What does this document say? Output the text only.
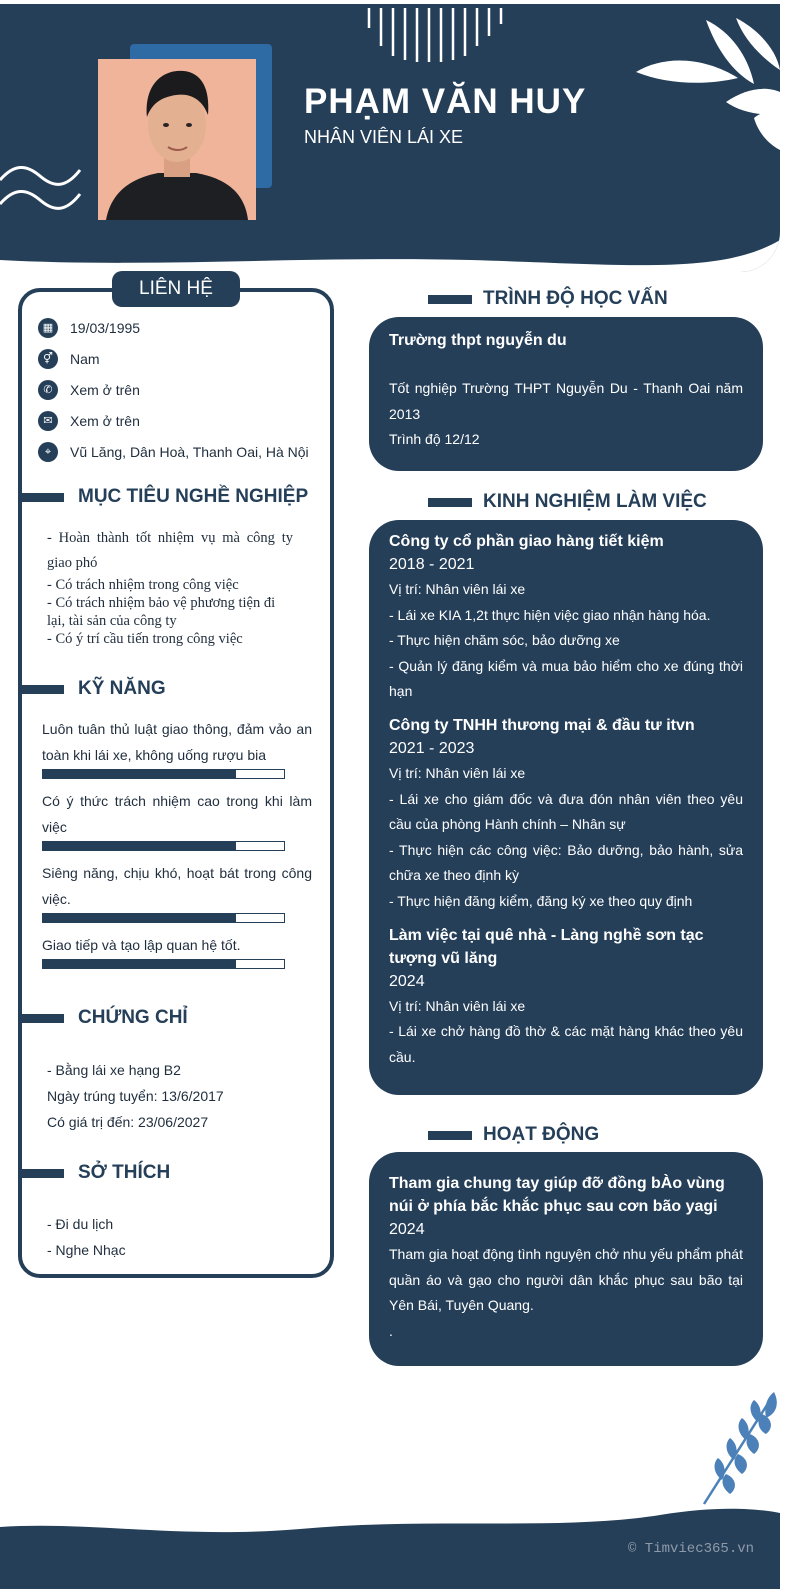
PHẠM VĂN HUY
NHÂN VIÊN LÁI XE
LIÊN HỆ
▦	19/03/1995
⚥	Nam
✆	Xem ở trên
✉	Xem ở trên
⌖	Vũ Lăng, Dân Hoà, Thanh Oai, Hà Nội
MỤC TIÊU NGHỀ NGHIỆP

- Hoàn thành tốt nhiệm vụ mà công ty giao phó

- Có trách nhiệm trong công việc

- Có trách nhiệm bảo vệ phương tiện đi lại, tài sản của công ty

- Có ý trí cầu tiến trong công việc

KỸ NĂNG
Luôn tuân thủ luật giao thông, đảm vảo an toàn khi lái xe, không uống rượu bia
Có ý thức trách nhiệm cao trong khi làm việc
Siêng năng, chịu khó, hoạt bát trong công việc.
Giao tiếp và tạo lập quan hệ tốt.
CHỨNG CHỈ
- Bằng lái xe hạng B2
Ngày trúng tuyển: 13/6/2017
Có giá trị đến: 23/06/2027
SỞ THÍCH
- Đi du lịch
- Nghe Nhạc
TRÌNH ĐỘ HỌC VẤN
Trường thpt nguyễn du
Tốt nghiệp Trường THPT Nguyễn Du - Thanh Oai năm 2013
Trình độ 12/12
KINH NGHIỆM LÀM VIỆC
Công ty cổ phần giao hàng tiết kiệm
2018 - 2021
Vị trí: Nhân viên lái xe
- Lái xe KIA 1,2t thực hiện việc giao nhận hàng hóa.
- Thực hiện chăm sóc, bảo dưỡng xe
- Quản lý đăng kiểm và mua bảo hiểm cho xe đúng thời hạn
Công ty TNHH thương mại & đầu tư itvn
2021 - 2023
Vị trí: Nhân viên lái xe
- Lái xe cho giám đốc và đưa đón nhân viên theo yêu cầu của phòng Hành chính – Nhân sự
- Thực hiện các công việc: Bảo dưỡng, bảo hành, sửa chữa xe theo định kỳ
- Thực hiện đăng kiểm, đăng ký xe theo quy định
Làm việc tại quê nhà - Làng nghề sơn tạc tượng vũ lăng
2024
Vị trí: Nhân viên lái xe
- Lái xe chở hàng đồ thờ & các mặt hàng khác theo yêu cầu.
HOẠT ĐỘNG
Tham gia chung tay giúp đỡ đồng bÀo vùng núi ở phía bắc khắc phục sau cơn bão yagi
2024
Tham gia hoạt động tình nguyện chở nhu yếu phẩm phát quần áo và gạo cho người dân khắc phục sau bão tại Yên Bái, Tuyên Quang.
.
© Timviec365.vn
